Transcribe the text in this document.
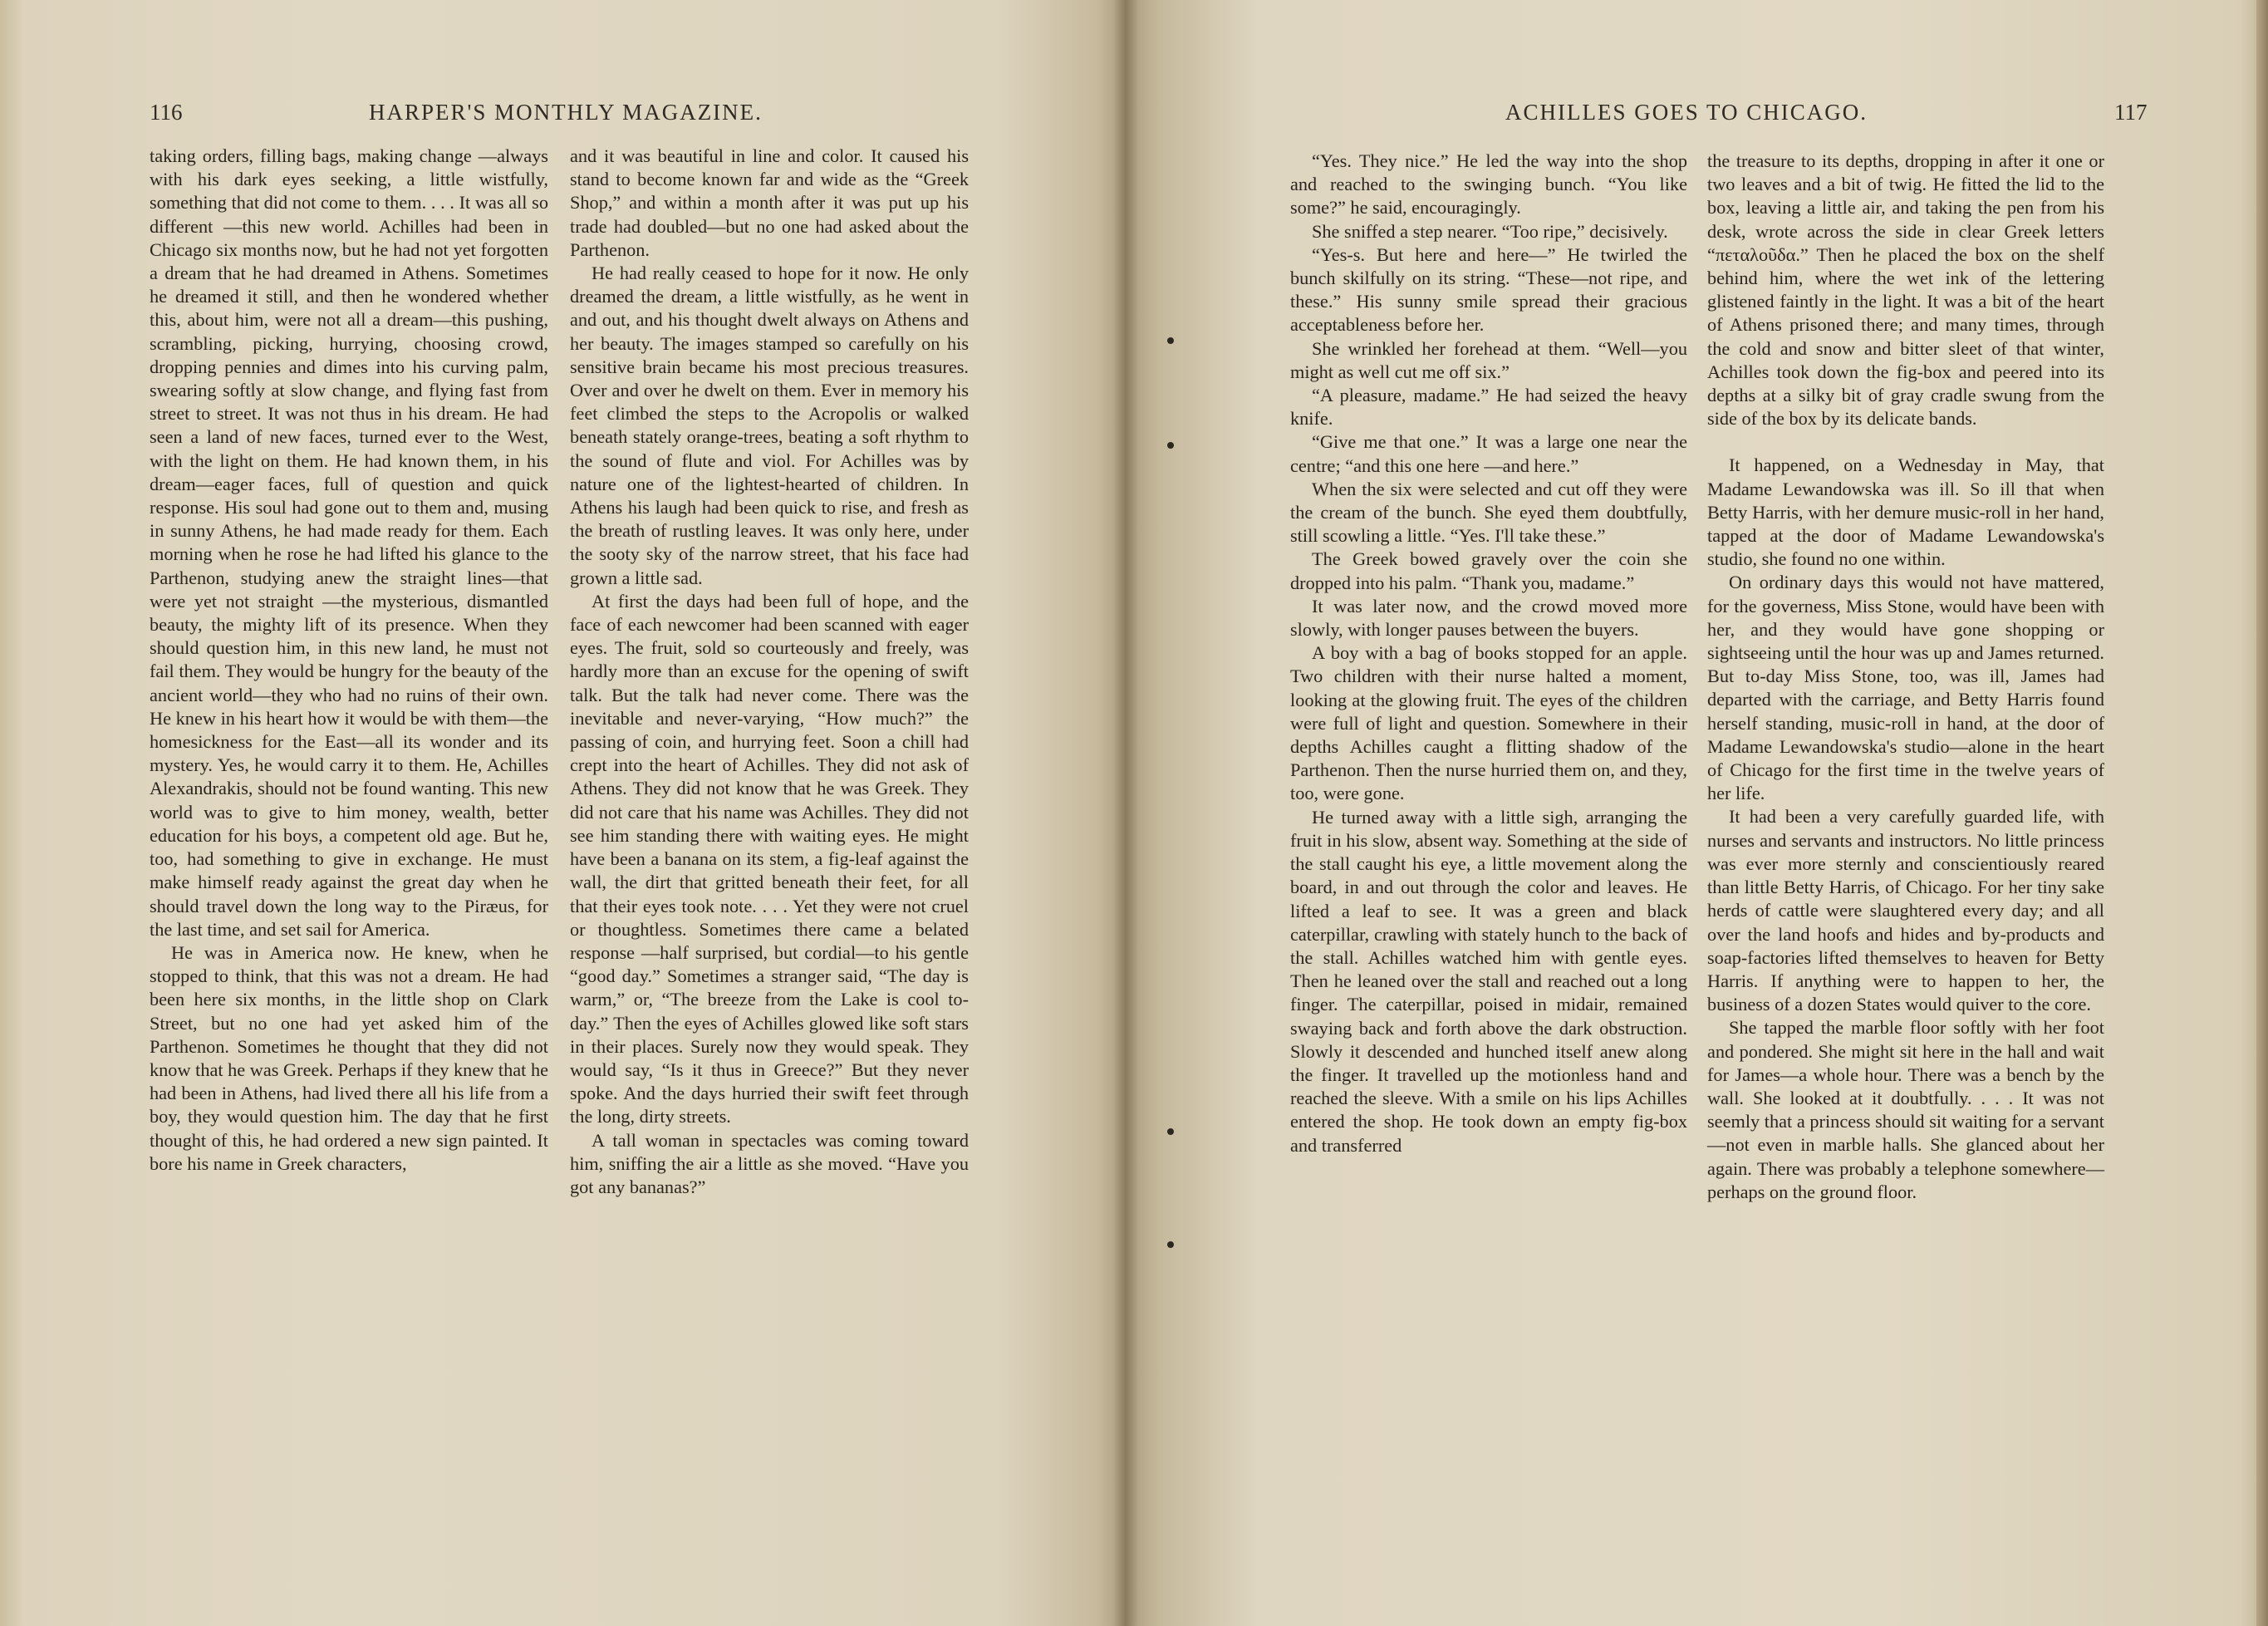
116	HARPER'S MONTHLY MAGAZINE.

taking orders, filling bags, making change —always with his dark eyes seeking, a little wistfully, something that did not come to them. . . . It was all so different —this new world. Achilles had been in Chicago six months now, but he had not yet forgotten a dream that he had dreamed in Athens. Sometimes he dreamed it still, and then he wondered whether this, about him, were not all a dream—this pushing, scrambling, picking, hurrying, choosing crowd, dropping pennies and dimes into his curving palm, swearing softly at slow change, and flying fast from street to street. It was not thus in his dream. He had seen a land of new faces, turned ever to the West, with the light on them. He had known them, in his dream—eager faces, full of question and quick response. His soul had gone out to them and, musing in sunny Athens, he had made ready for them. Each morning when he rose he had lifted his glance to the Parthenon, studying anew the straight lines—that were yet not straight —the mysterious, dismantled beauty, the mighty lift of its presence. When they should question him, in this new land, he must not fail them. They would be hungry for the beauty of the ancient world—they who had no ruins of their own. He knew in his heart how it would be with them—the homesickness for the East—all its wonder and its mystery. Yes, he would carry it to them. He, Achilles Alexandrakis, should not be found wanting. This new world was to give to him money, wealth, better education for his boys, a competent old age. But he, too, had something to give in exchange. He must make himself ready against the great day when he should travel down the long way to the Piræus, for the last time, and set sail for America.

He was in America now. He knew, when he stopped to think, that this was not a dream. He had been here six months, in the little shop on Clark Street, but no one had yet asked him of the Parthenon. Sometimes he thought that they did not know that he was Greek. Perhaps if they knew that he had been in Athens, had lived there all his life from a boy, they would question him. The day that he first thought of this, he had ordered a new sign painted. It bore his name in Greek characters,

and it was beautiful in line and color. It caused his stand to become known far and wide as the “Greek Shop,” and within a month after it was put up his trade had doubled—but no one had asked about the Parthenon.

He had really ceased to hope for it now. He only dreamed the dream, a little wistfully, as he went in and out, and his thought dwelt always on Athens and her beauty. The images stamped so carefully on his sensitive brain became his most precious treasures. Over and over he dwelt on them. Ever in memory his feet climbed the steps to the Acropolis or walked beneath stately orange-trees, beating a soft rhythm to the sound of flute and viol. For Achilles was by nature one of the lightest-hearted of children. In Athens his laugh had been quick to rise, and fresh as the breath of rustling leaves. It was only here, under the sooty sky of the narrow street, that his face had grown a little sad.

At first the days had been full of hope, and the face of each newcomer had been scanned with eager eyes. The fruit, sold so courteously and freely, was hardly more than an excuse for the opening of swift talk. But the talk had never come. There was the inevitable and never-varying, “How much?” the passing of coin, and hurrying feet. Soon a chill had crept into the heart of Achilles. They did not ask of Athens. They did not know that he was Greek. They did not care that his name was Achilles. They did not see him standing there with waiting eyes. He might have been a banana on its stem, a fig-leaf against the wall, the dirt that gritted beneath their feet, for all that their eyes took note. . . . Yet they were not cruel or thoughtless. Sometimes there came a belated response —half surprised, but cordial—to his gentle “good day.” Sometimes a stranger said, “The day is warm,” or, “The breeze from the Lake is cool to-day.” Then the eyes of Achilles glowed like soft stars in their places. Surely now they would speak. They would say, “Is it thus in Greece?” But they never spoke. And the days hurried their swift feet through the long, dirty streets.

A tall woman in spectacles was coming toward him, sniffing the air a little as she moved. “Have you got any bananas?”

ACHILLES GOES TO CHICAGO.	117

“Yes. They nice.” He led the way into the shop and reached to the swinging bunch. “You like some?” he said, encouragingly.

She sniffed a step nearer. “Too ripe,” decisively.

“Yes-s. But here and here—” He twirled the bunch skilfully on its string. “These—not ripe, and these.” His sunny smile spread their gracious acceptableness before her.

She wrinkled her forehead at them. “Well—you might as well cut me off six.”

“A pleasure, madame.” He had seized the heavy knife.

“Give me that one.” It was a large one near the centre; “and this one here —and here.”

When the six were selected and cut off they were the cream of the bunch. She eyed them doubtfully, still scowling a little. “Yes. I'll take these.”

The Greek bowed gravely over the coin she dropped into his palm. “Thank you, madame.”

It was later now, and the crowd moved more slowly, with longer pauses between the buyers.

A boy with a bag of books stopped for an apple. Two children with their nurse halted a moment, looking at the glowing fruit. The eyes of the children were full of light and question. Somewhere in their depths Achilles caught a flitting shadow of the Parthenon. Then the nurse hurried them on, and they, too, were gone.

He turned away with a little sigh, arranging the fruit in his slow, absent way. Something at the side of the stall caught his eye, a little movement along the board, in and out through the color and leaves. He lifted a leaf to see. It was a green and black caterpillar, crawling with stately hunch to the back of the stall. Achilles watched him with gentle eyes. Then he leaned over the stall and reached out a long finger. The caterpillar, poised in midair, remained swaying back and forth above the dark obstruction. Slowly it descended and hunched itself anew along the finger. It travelled up the motionless hand and reached the sleeve. With a smile on his lips Achilles entered the shop. He took down an empty fig-box and transferred

the treasure to its depths, dropping in after it one or two leaves and a bit of twig. He fitted the lid to the box, leaving a little air, and taking the pen from his desk, wrote across the side in clear Greek letters “πεταλοῦδα.” Then he placed the box on the shelf behind him, where the wet ink of the lettering glistened faintly in the light. It was a bit of the heart of Athens prisoned there; and many times, through the cold and snow and bitter sleet of that winter, Achilles took down the fig-box and peered into its depths at a silky bit of gray cradle swung from the side of the box by its delicate bands.

It happened, on a Wednesday in May, that Madame Lewandowska was ill. So ill that when Betty Harris, with her demure music-roll in her hand, tapped at the door of Madame Lewandowska's studio, she found no one within.

On ordinary days this would not have mattered, for the governess, Miss Stone, would have been with her, and they would have gone shopping or sightseeing until the hour was up and James returned. But to-day Miss Stone, too, was ill, James had departed with the carriage, and Betty Harris found herself standing, music-roll in hand, at the door of Madame Lewandowska's studio—alone in the heart of Chicago for the first time in the twelve years of her life.

It had been a very carefully guarded life, with nurses and servants and instructors. No little princess was ever more sternly and conscientiously reared than little Betty Harris, of Chicago. For her tiny sake herds of cattle were slaughtered every day; and all over the land hoofs and hides and by-products and soap-factories lifted themselves to heaven for Betty Harris. If anything were to happen to her, the business of a dozen States would quiver to the core.

She tapped the marble floor softly with her foot and pondered. She might sit here in the hall and wait for James—a whole hour. There was a bench by the wall. She looked at it doubtfully. . . . It was not seemly that a princess should sit waiting for a servant—not even in marble halls. She glanced about her again. There was probably a telephone somewhere—perhaps on the ground floor.
